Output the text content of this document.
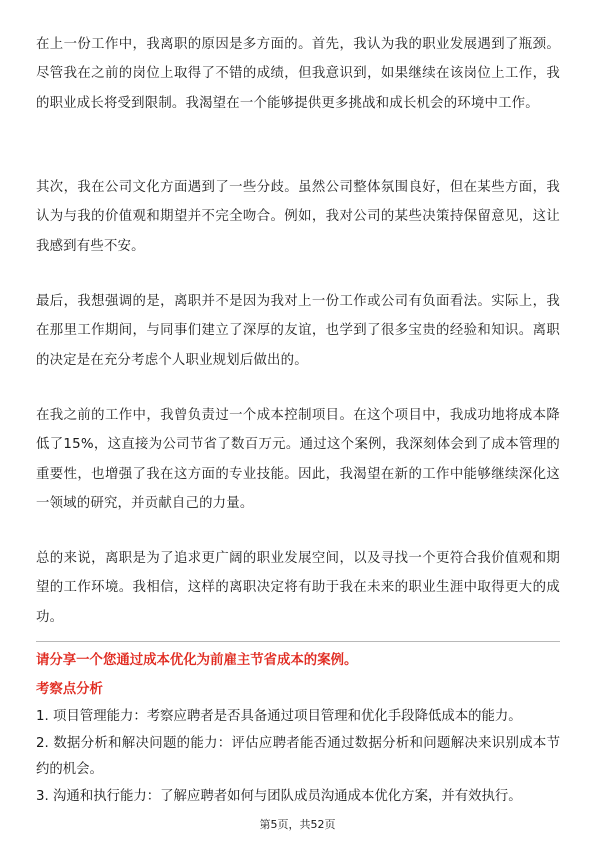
在上一份工作中，我离职的原因是多方面的。首先，我认为我的职业发展遇到了瓶颈。尽管我在之前的岗位上取得了不错的成绩，但我意识到，如果继续在该岗位上工作，我的职业成长将受到限制。我渴望在一个能够提供更多挑战和成长机会的环境中工作。

其次，我在公司文化方面遇到了一些分歧。虽然公司整体氛围良好，但在某些方面，我认为与我的价值观和期望并不完全吻合。例如，我对公司的某些决策持保留意见，这让我感到有些不安。

最后，我想强调的是，离职并不是因为我对上一份工作或公司有负面看法。实际上，我在那里工作期间，与同事们建立了深厚的友谊，也学到了很多宝贵的经验和知识。离职的决定是在充分考虑个人职业规划后做出的。

在我之前的工作中，我曾负责过一个成本控制项目。在这个项目中，我成功地将成本降低了15%，这直接为公司节省了数百万元。通过这个案例，我深刻体会到了成本管理的重要性，也增强了我在这方面的专业技能。因此，我渴望在新的工作中能够继续深化这一领域的研究，并贡献自己的力量。

总的来说，离职是为了追求更广阔的职业发展空间，以及寻找一个更符合我价值观和期望的工作环境。我相信，这样的离职决定将有助于我在未来的职业生涯中取得更大的成功。

请分享一个您通过成本优化为前雇主节省成本的案例。

考察点分析

1. 项目管理能力：考察应聘者是否具备通过项目管理和优化手段降低成本的能力。
2. 数据分析和解决问题的能力：评估应聘者能否通过数据分析和问题解决来识别成本节约的机会。
3. 沟通和执行能力：了解应聘者如何与团队成员沟通成本优化方案，并有效执行。
第5页，共52页
